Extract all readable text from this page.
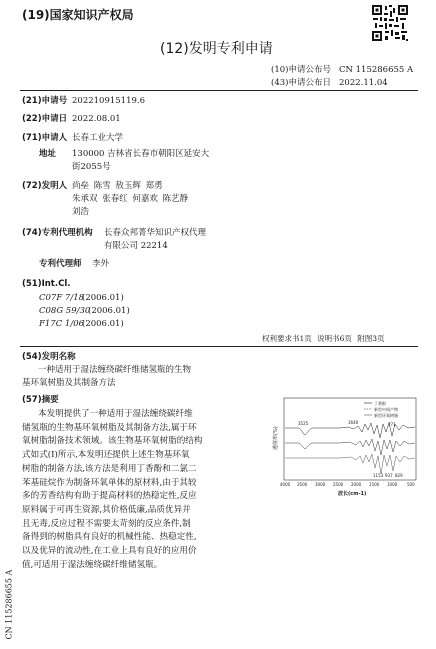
(19)国家知识产权局
(12)发明专利申请
(10)申请公布号 CN 115286655 A
(43)申请公布日 2022.11.04
(21)申请号 202210915119.6
(22)申请日 2022.08.01
(71)申请人 长春工业大学
地址 130000 吉林省长春市朝阳区延安大
街2055号
(72)发明人 尚垒 陈雪 敖玉辉 郑勇
朱承双 张春红 何嘉欢 陈艺静
刘浩
(74)专利代理机构 长春众邦菁华知识产权代理
有限公司 22214
专利代理师 李外
(51)Int.Cl.
C07F 7/18
(2006.01)
C08G 59/30
(2006.01)
F17C 1/06
(2006.01)
权利要求书1页 说明书6页 附图3页
(54)发明名称
一种适用于湿法缠绕碳纤维储氢瓶的生物
基环氧树脂及其制备方法
(57)摘要

本发明提供了一种适用于湿法缠绕碳纤维

储氢瓶的生物基环氧树脂及其制备方法,属于环

氧树脂制备技术领域。该生物基环氧树脂的结构

式如式(I)所示,本发明还提供上述生物基环氧

树脂的制备方法,该方法是利用丁香酚和二氯二

苯基硅烷作为制备环氧单体的原材料,由于其较

多的芳香结构有助于提高材料的热稳定性,反应

原料属于可再生资源,其价格低廉,品质优异并

且无毒,反应过程不需要太苛刻的反应条件,制

备得到的树脂具有良好的机械性能、热稳定性,

以及优异的流动性,在工业上具有良好的应用价

值,可适用于湿法缠绕碳纤维储氢瓶。

透射率(%)
丁香酚
新型中间产物
新型环氧树脂
3525	1640	771
1153 937 829
4000 3500 3000 2500 2000 1500 1000 500
波长(cm-1)
CN 115286655 A
